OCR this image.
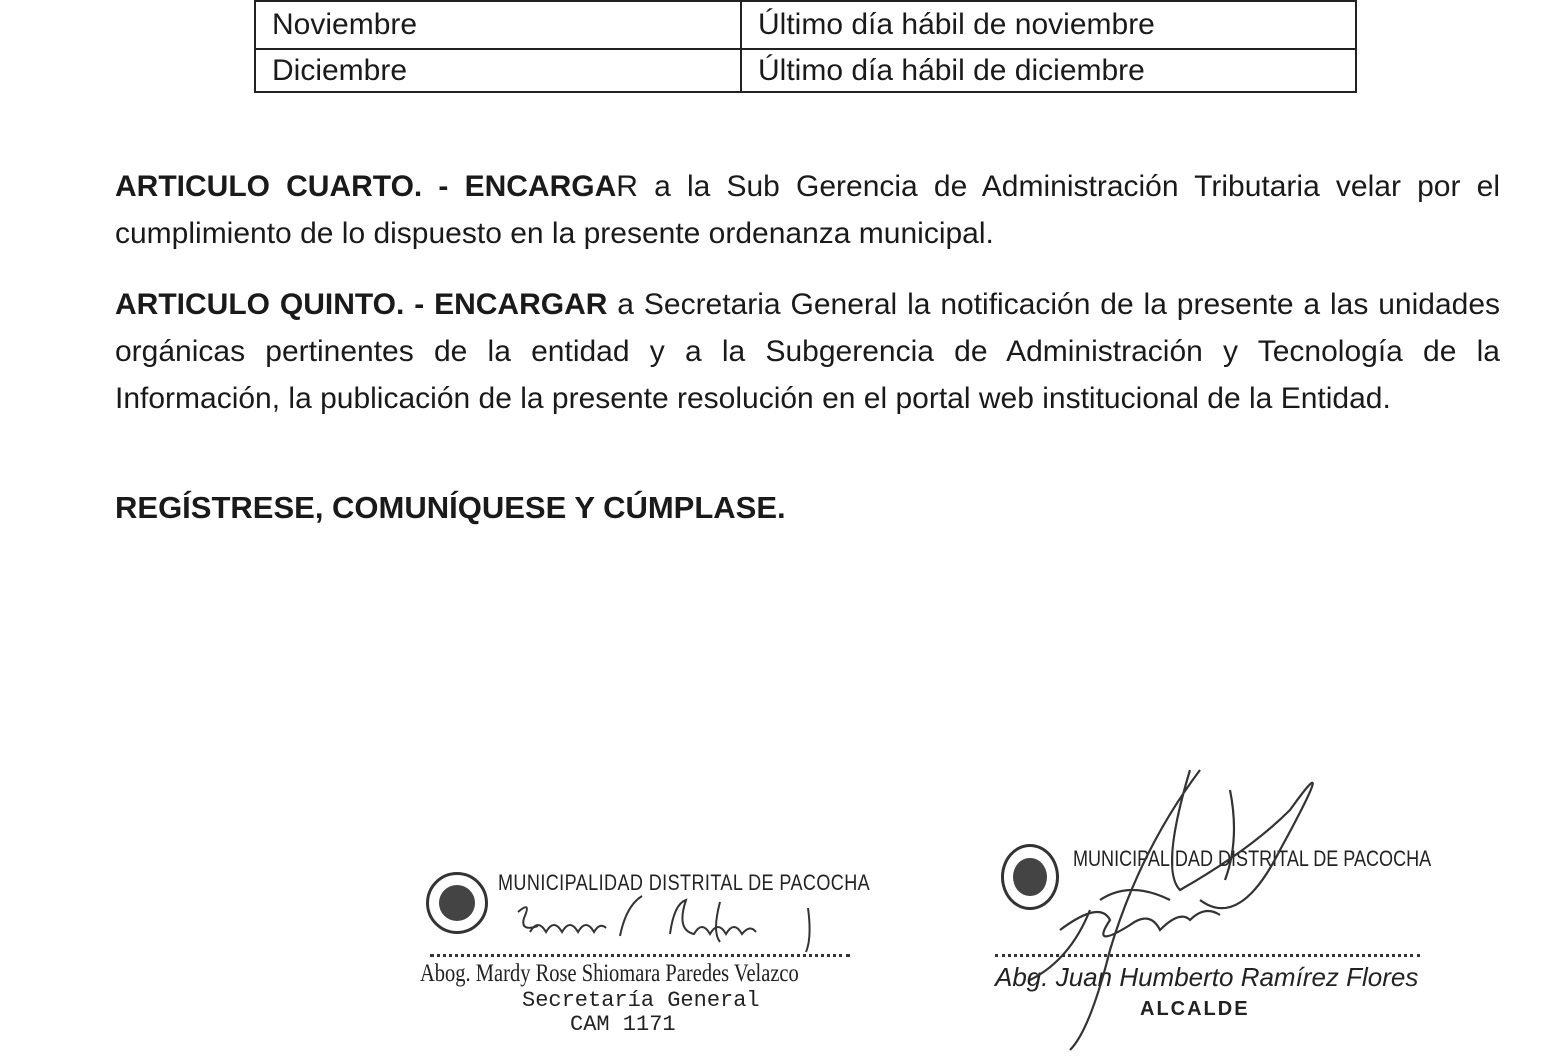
Noviembre	Último día hábil de noviembre
Diciembre	Último día hábil de diciembre

ARTICULO CUARTO. - ENCARGAR a la Sub Gerencia de Administración Tributaria velar por el cumplimiento de lo dispuesto en la presente ordenanza municipal.

ARTICULO QUINTO. - ENCARGAR a Secretaria General la notificación de la presente a las unidades orgánicas pertinentes de la entidad y a la Subgerencia de Administración y Tecnología de la Información, la publicación de la presente resolución en el portal web institucional de la Entidad.

REGÍSTRESE, COMUNÍQUESE Y CÚMPLASE.

MUNICIPALIDAD DISTRITAL DE PACOCHA
Abog. Mardy Rose Shiomara Paredes Velazco
Secretaría General
CAM 1171
MUNICIPALIDAD DISTRITAL DE PACOCHA
Abg. Juan Humberto Ramírez Flores
ALCALDE
